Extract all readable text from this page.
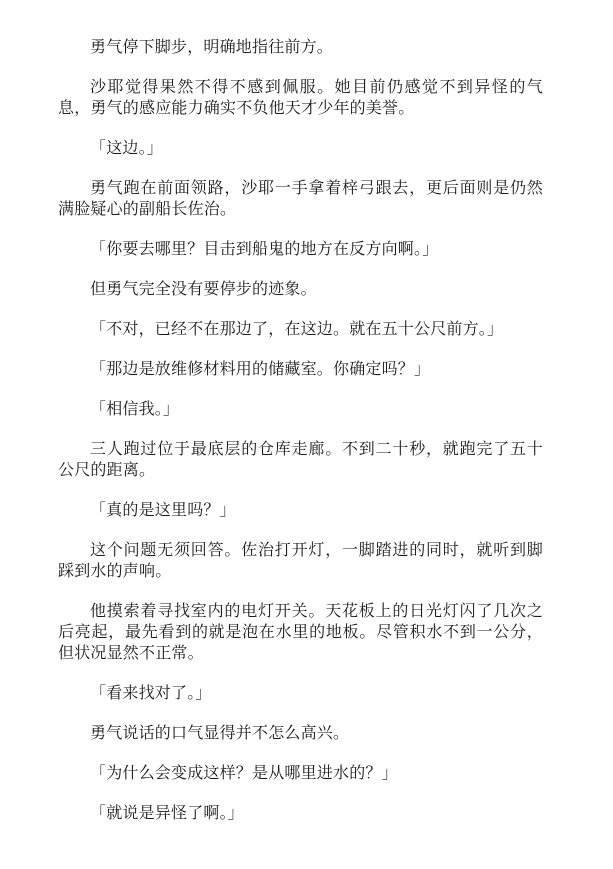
勇气停下脚步，明确地指往前方。

沙耶觉得果然不得不感到佩服。她目前仍感觉不到异怪的气息，勇气的感应能力确实不负他天才少年的美誉。

「这边。」

勇气跑在前面领路，沙耶一手拿着梓弓跟去，更后面则是仍然满脸疑心的副船长佐治。

「你要去哪里？目击到船鬼的地方在反方向啊。」

但勇气完全没有要停步的迹象。

「不对，已经不在那边了，在这边。就在五十公尺前方。」

「那边是放维修材料用的储藏室。你确定吗？」

「相信我。」

三人跑过位于最底层的仓库走廊。不到二十秒，就跑完了五十公尺的距离。

「真的是这里吗？」

这个问题无须回答。佐治打开灯，一脚踏进的同时，就听到脚踩到水的声响。

他摸索着寻找室内的电灯开关。天花板上的日光灯闪了几次之后亮起，最先看到的就是泡在水里的地板。尽管积水不到一公分，但状况显然不正常。

「看来找对了。」

勇气说话的口气显得并不怎么高兴。

「为什么会变成这样？是从哪里进水的？」

「就说是异怪了啊。」
